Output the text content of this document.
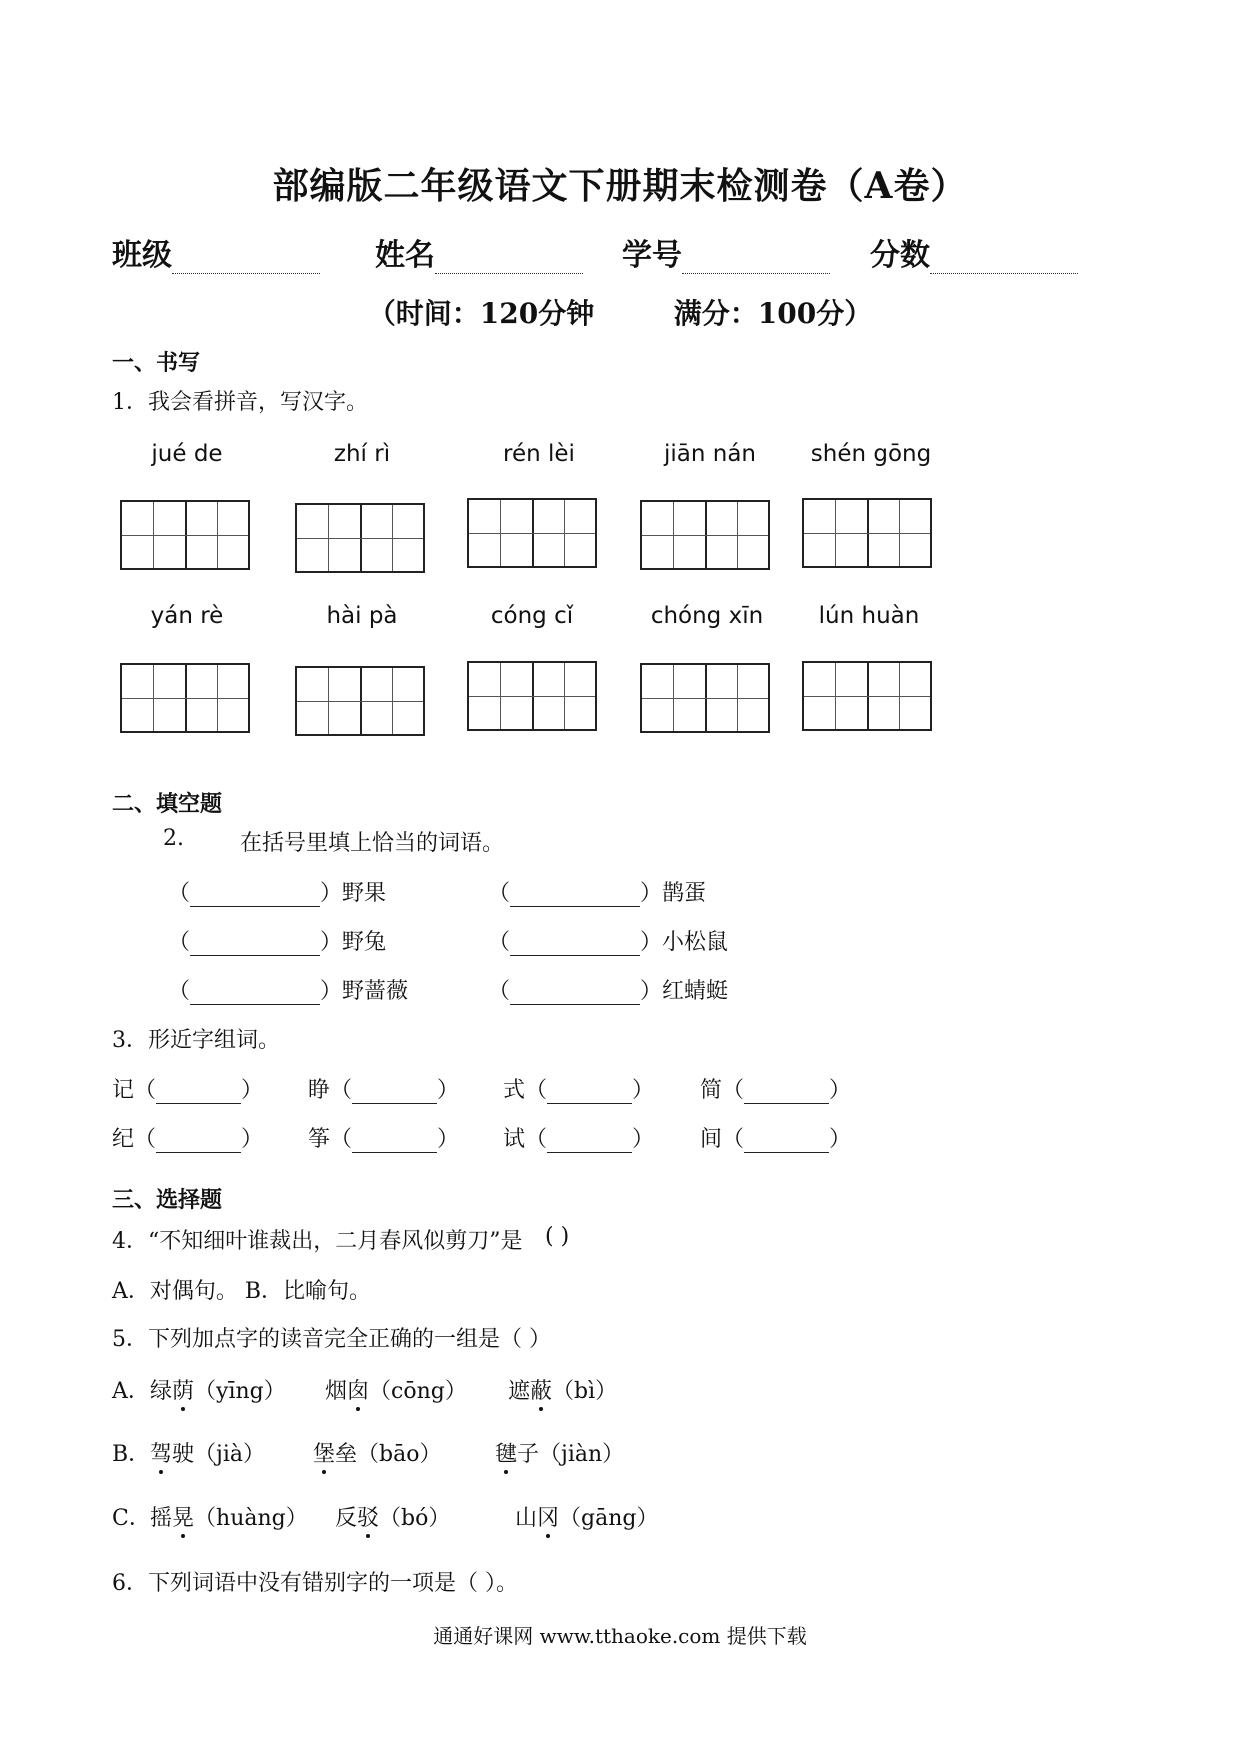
部编版二年级语文下册期末检测卷（A卷）
班级	姓名	学号	分数
（时间：120分钟	满分：100分）
一、书写
1．我会看拼音，写汉字。
jué de	zhí rì	rén lèi	jiān nán	shén gōng
yán rè	hài pà	cóng cǐ	chóng xīn	lún huàn
二、填空题
2.	在括号里填上恰当的词语。
（	）野果	（	）鹊蛋
（	）野兔	（	）小松鼠
（	）野蔷薇	（	）红蜻蜓
3．形近字组词。
记（	） 睁（	） 式（	） 简（	）
纪（	） 筝（	） 试（	） 间（	）
三、选择题
4．“不知细叶谁裁出，二月春风似剪刀”是 ( )
A．对偶句。 B．比喻句。
5．下列加点字的读音完全正确的一组是（ ）
A． 绿荫（yīng） 烟囱（cōng） 遮蔽（bì）
B． 驾驶（jià） 堡垒（bāo） 毽子（jiàn）
C． 摇晃（huàng） 反驳（bó）	山冈（gāng）
6．下列词语中没有错别字的一项是（ ）。
通通好课网 www.tthaoke.com 提供下载
